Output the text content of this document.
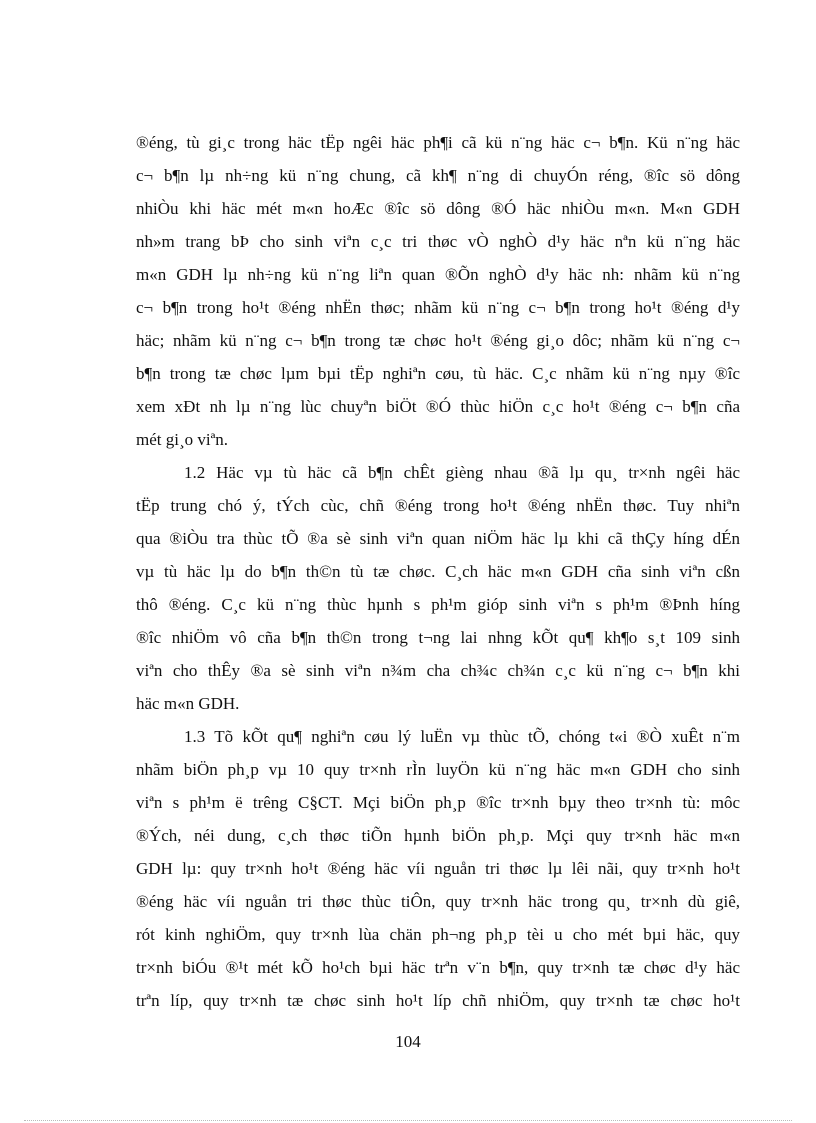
®éng, tù gi¸c trong häc tËp ngêi häc ph¶i cã kü n¨ng häc c¬ b¶n. Kü n¨ng häc
c¬ b¶n lµ nh÷ng kü n¨ng chung, cã kh¶ n¨ng di chuyÓn réng, ®îc sö dông
nhiÒu khi häc mét m«n hoÆc ®îc sö dông ®Ó häc nhiÒu m«n. M«n GDH
nh»m trang bÞ cho sinh viªn c¸c tri thøc vÒ nghÒ d¹y häc nªn kü n¨ng häc
m«n GDH lµ nh÷ng kü n¨ng liªn quan ®Õn nghÒ d¹y häc nh: nhãm kü n¨ng
c¬ b¶n trong ho¹t ®éng nhËn thøc; nhãm kü n¨ng c¬ b¶n trong ho¹t ®éng d¹y
häc; nhãm kü n¨ng c¬ b¶n trong tæ chøc ho¹t ®éng gi¸o dôc; nhãm kü n¨ng c¬
b¶n trong tæ chøc lµm bµi tËp nghiªn cøu, tù häc. C¸c nhãm kü n¨ng nµy ®îc
xem xÐt nh lµ n¨ng lùc chuyªn biÖt ®Ó thùc hiÖn c¸c ho¹t ®éng c¬ b¶n cña
mét gi¸o viªn.
1.2 Häc vµ tù häc cã b¶n chÊt gièng nhau ®ã lµ qu¸ tr×nh ngêi häc
tËp trung chó ý, tÝch cùc, chñ ®éng trong ho¹t ®éng nhËn thøc. Tuy nhiªn
qua ®iÒu tra thùc tÕ ®a sè sinh viªn quan niÖm häc lµ khi cã thÇy híng dÉn
vµ tù häc lµ do b¶n th©n tù tæ chøc. C¸ch häc m«n GDH cña sinh viªn cßn
thô ®éng. C¸c kü n¨ng thùc hµnh s ph¹m gióp sinh viªn s ph¹m ®Þnh híng
®îc nhiÖm vô cña b¶n th©n trong t¬ng lai nhng kÕt qu¶ kh¶o s¸t 109 sinh
viªn cho thÊy ®a sè sinh viªn n¾m cha ch¾c ch¾n c¸c kü n¨ng c¬ b¶n khi
häc m«n GDH.
1.3 Tõ kÕt qu¶ nghiªn cøu lý luËn vµ thùc tÕ, chóng t«i ®Ò xuÊt n¨m
nhãm biÖn ph¸p vµ 10 quy tr×nh rÌn luyÖn kü n¨ng häc m«n GDH cho sinh
viªn s ph¹m ë trêng C§CT. Mçi biÖn ph¸p ®îc tr×nh bµy theo tr×nh tù: môc
®Ých, néi dung, c¸ch thøc tiÕn hµnh biÖn ph¸p. Mçi quy tr×nh häc m«n
GDH lµ: quy tr×nh ho¹t ®éng häc víi nguån tri thøc lµ lêi nãi, quy tr×nh ho¹t
®éng häc víi nguån tri thøc thùc tiÔn, quy tr×nh häc trong qu¸ tr×nh dù giê,
rót kinh nghiÖm, quy tr×nh lùa chän ph¬ng ph¸p tèi u cho mét bµi häc, quy
tr×nh biÓu ®¹t mét kÕ ho¹ch bµi häc trªn v¨n b¶n, quy tr×nh tæ chøc d¹y häc
trªn líp, quy tr×nh tæ chøc sinh ho¹t líp chñ nhiÖm, quy tr×nh tæ chøc ho¹t
104
